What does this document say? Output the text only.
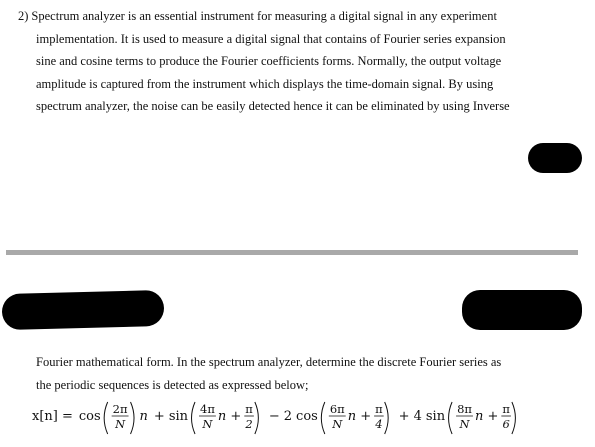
2) Spectrum analyzer is an essential instrument for measuring a digital signal in any experiment
implementation. It is used to measure a digital signal that contains of Fourier series expansion
sine and cosine terms to produce the Fourier coefficients forms. Normally, the output voltage
amplitude is captured from the instrument which displays the time-domain signal. By using
spectrum analyzer, the noise can be easily detected hence it can be eliminated by using Inverse
Fourier mathematical form. In the spectrum analyzer, determine the discrete Fourier series as
the periodic sequences is detected as expressed below;
x[n] = cos 2π
N n + sin 4π
N n + π
2 − 2 cos 6π
N n + π
4 + 4 sin 8π
N n + π
6
